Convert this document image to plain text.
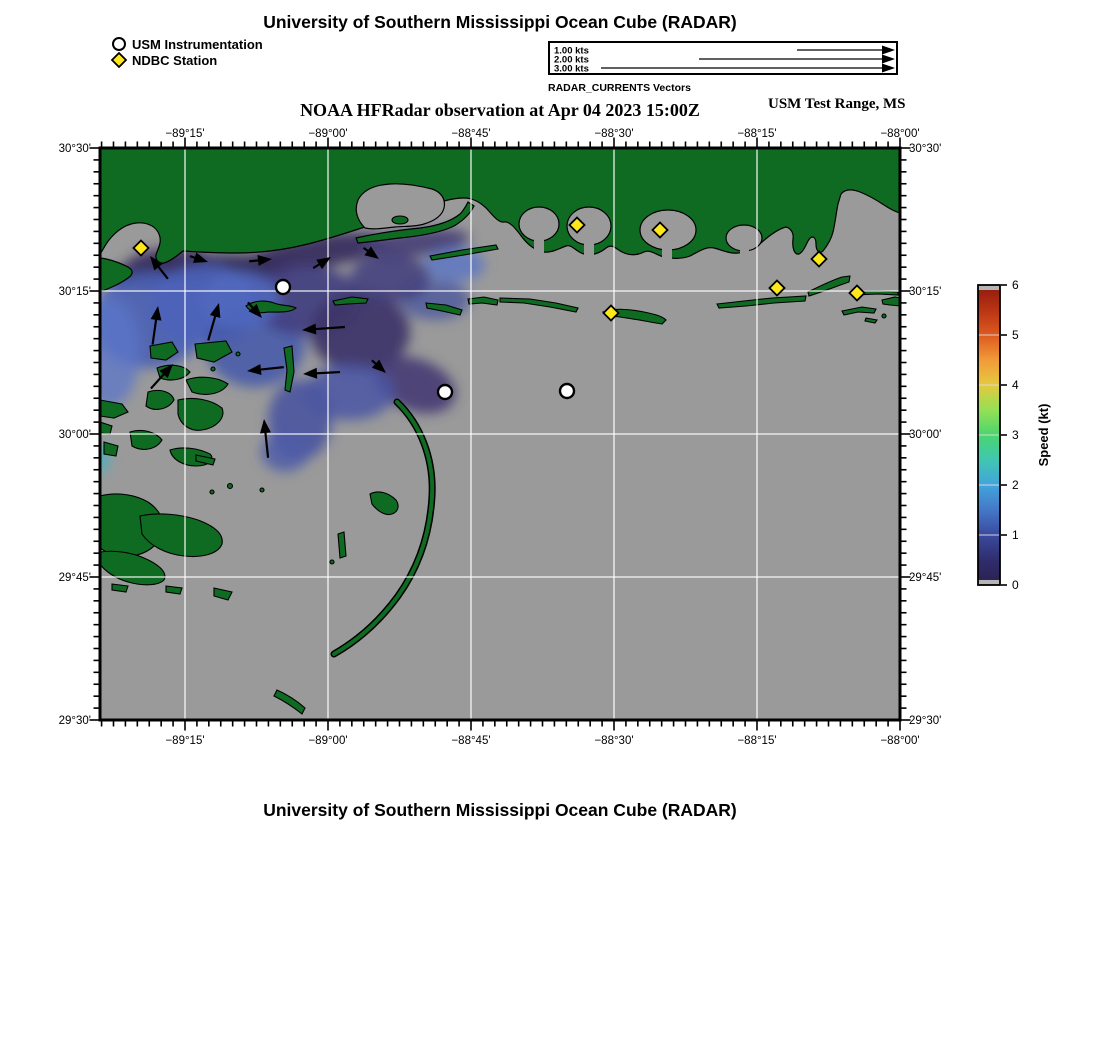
University of Southern Mississippi Ocean Cube (RADAR)
USM Instrumentation
NDBC Station
1.00 kts
2.00 kts
3.00 kts
RADAR_CURRENTS Vectors
NOAA HFRadar observation at Apr 04 2023 15:00Z	USM Test Range, MS
−89°15'
−89°15'
−89°00'
−89°00'
−88°45'
−88°45'
−88°30'
−88°30'
−88°15'
−88°15'
−88°00'
−88°00'
30°30'	30°30'
30°15'	30°15'
30°00'	30°00'
29°45'	29°45'
29°30'	29°30'
0
1
2
3
4
5
6
Speed (kt)
University of Southern Mississippi Ocean Cube (RADAR)
